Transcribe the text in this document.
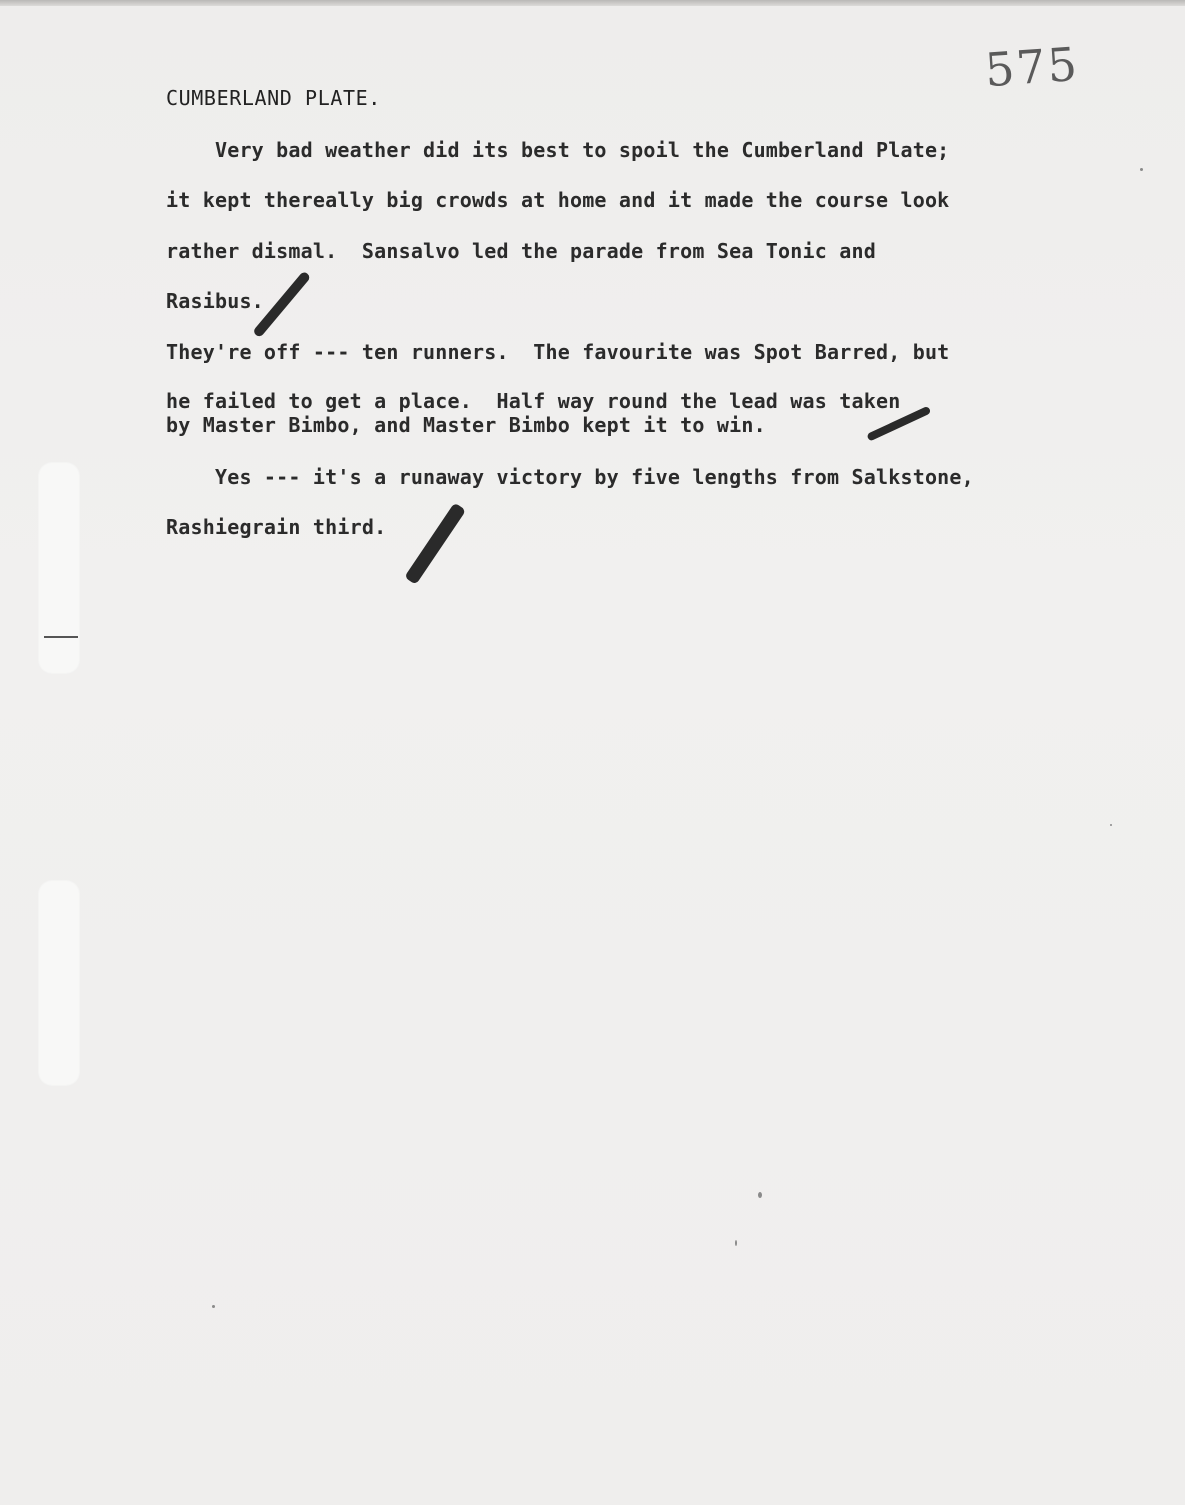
575
CUMBERLAND PLATE.
Very bad weather did its best to spoil the Cumberland Plate;
it kept thereally big crowds at home and it made the course look
rather dismal.  Sansalvo led the parade from Sea Tonic and
Rasibus.
They're off --- ten runners.  The favourite was Spot Barred, but
he failed to get a place.  Half way round the lead was taken
by Master Bimbo, and Master Bimbo kept it to win.
Yes --- it's a runaway victory by five lengths from Salkstone,
Rashiegrain third.
